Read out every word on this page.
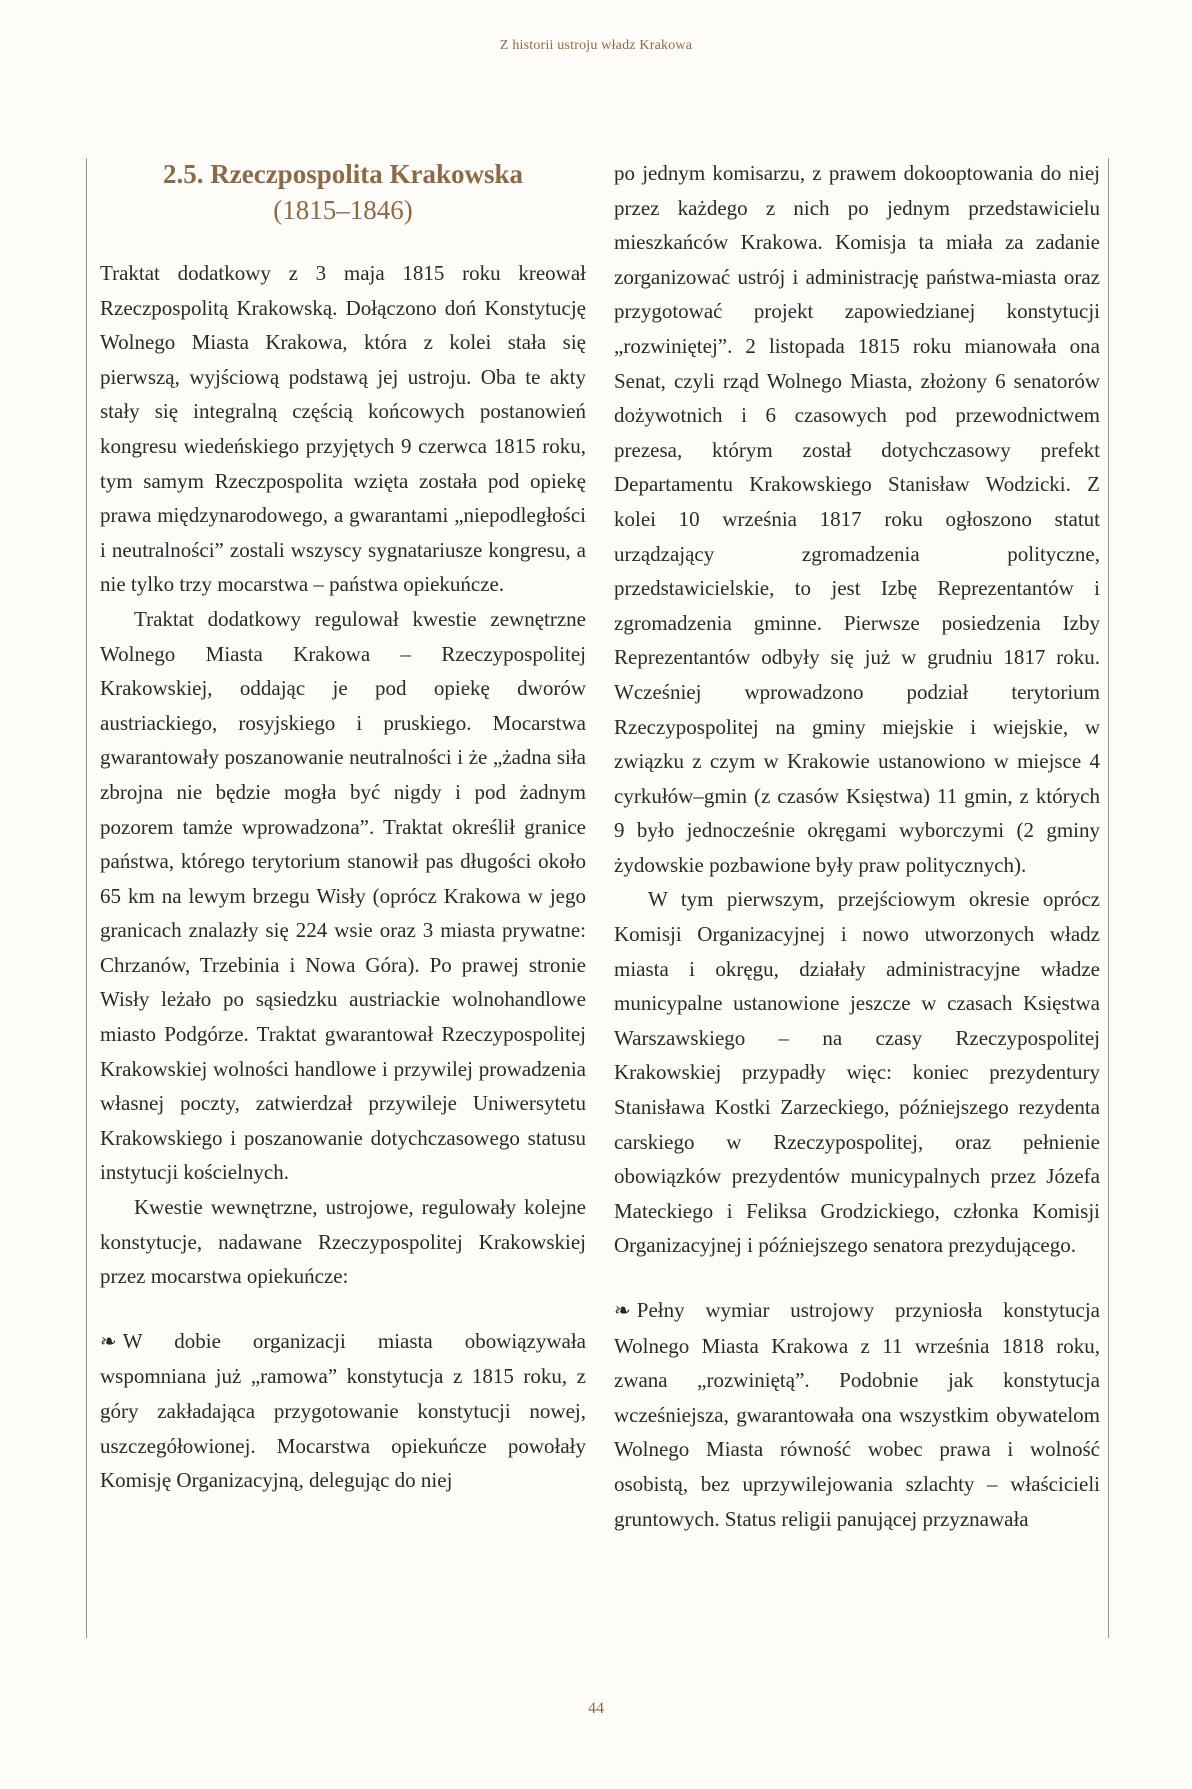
Z historii ustroju władz Krakowa
2.5. Rzeczpospolita Krakowska
(1815–1846)

Traktat dodatkowy z 3 maja 1815 roku kreował Rzeczpospolitą Krakowską. Dołączono doń Konstytucję Wolnego Miasta Krakowa, która z kolei stała się pierwszą, wyjściową podstawą jej ustroju. Oba te akty stały się integralną częścią końcowych postanowień kongresu wiedeńskiego przyjętych 9 czerwca 1815 roku, tym samym Rzeczpospolita wzięta została pod opiekę prawa międzynarodowego, a gwarantami „niepodległości i neutralności” zostali wszyscy sygnatariusze kongresu, a nie tylko trzy mocarstwa – państwa opiekuńcze.

Traktat dodatkowy regulował kwestie zewnętrzne Wolnego Miasta Krakowa – Rzeczypospolitej Krakowskiej, oddając je pod opiekę dworów austriackiego, rosyjskiego i pruskiego. Mocarstwa gwarantowały poszanowanie neutralności i że „żadna siła zbrojna nie będzie mogła być nigdy i pod żadnym pozorem tamże wprowadzona”. Traktat określił granice państwa, którego terytorium stanowił pas długości około 65 km na lewym brzegu Wisły (oprócz Krakowa w jego granicach znalazły się 224 wsie oraz 3 miasta prywatne: Chrzanów, Trzebinia i Nowa Góra). Po prawej stronie Wisły leżało po sąsiedzku austriackie wolnohandlowe miasto Podgórze. Traktat gwarantował Rzeczypospolitej Krakowskiej wolności handlowe i przywilej prowadzenia własnej poczty, zatwierdzał przywileje Uniwersytetu Krakowskiego i poszanowanie dotychczasowego statusu instytucji kościelnych.

Kwestie wewnętrzne, ustrojowe, regulowały kolejne konstytucje, nadawane Rzeczypospolitej Krakowskiej przez mocarstwa opiekuńcze:

❧ W dobie organizacji miasta obowiązywała wspomniana już „ramowa” konstytucja z 1815 roku, z góry zakładająca przygotowanie konstytucji nowej, uszczegółowionej. Mocarstwa opiekuńcze powołały Komisję Organizacyjną, delegując do niej

po jednym komisarzu, z prawem dokooptowania do niej przez każdego z nich po jednym przedstawicielu mieszkańców Krakowa. Komisja ta miała za zadanie zorganizować ustrój i administrację państwa-miasta oraz przygotować projekt zapowiedzianej konstytucji „rozwiniętej”. 2 listopada 1815 roku mianowała ona Senat, czyli rząd Wolnego Miasta, złożony 6 senatorów dożywotnich i 6 czasowych pod przewodnictwem prezesa, którym został dotychczasowy prefekt Departamentu Krakowskiego Stanisław Wodzicki. Z kolei 10 września 1817 roku ogłoszono statut urządzający zgromadzenia polityczne, przedstawicielskie, to jest Izbę Reprezentantów i zgromadzenia gminne. Pierwsze posiedzenia Izby Reprezentantów odbyły się już w grudniu 1817 roku. Wcześniej wprowadzono podział terytorium Rzeczypospolitej na gminy miejskie i wiejskie, w związku z czym w Krakowie ustanowiono w miejsce 4 cyrkułów–gmin (z czasów Księstwa) 11 gmin, z których 9 było jednocześnie okręgami wyborczymi (2 gminy żydowskie pozbawione były praw politycznych).

W tym pierwszym, przejściowym okresie oprócz Komisji Organizacyjnej i nowo utworzonych władz miasta i okręgu, działały administracyjne władze municypalne ustanowione jeszcze w czasach Księstwa Warszawskiego – na czasy Rzeczypospolitej Krakowskiej przypadły więc: koniec prezydentury Stanisława Kostki Zarzeckiego, późniejszego rezydenta carskiego w Rzeczypospolitej, oraz pełnienie obowiązków prezydentów municypalnych przez Józefa Mateckiego i Feliksa Grodzickiego, członka Komisji Organizacyjnej i późniejszego senatora prezydującego.

❧ Pełny wymiar ustrojowy przyniosła konstytucja Wolnego Miasta Krakowa z 11 września 1818 roku, zwana „rozwiniętą”. Podobnie jak konstytucja wcześniejsza, gwarantowała ona wszystkim obywatelom Wolnego Miasta równość wobec prawa i wolność osobistą, bez uprzywilejowania szlachty – właścicieli gruntowych. Status religii panującej przyznawała

44
